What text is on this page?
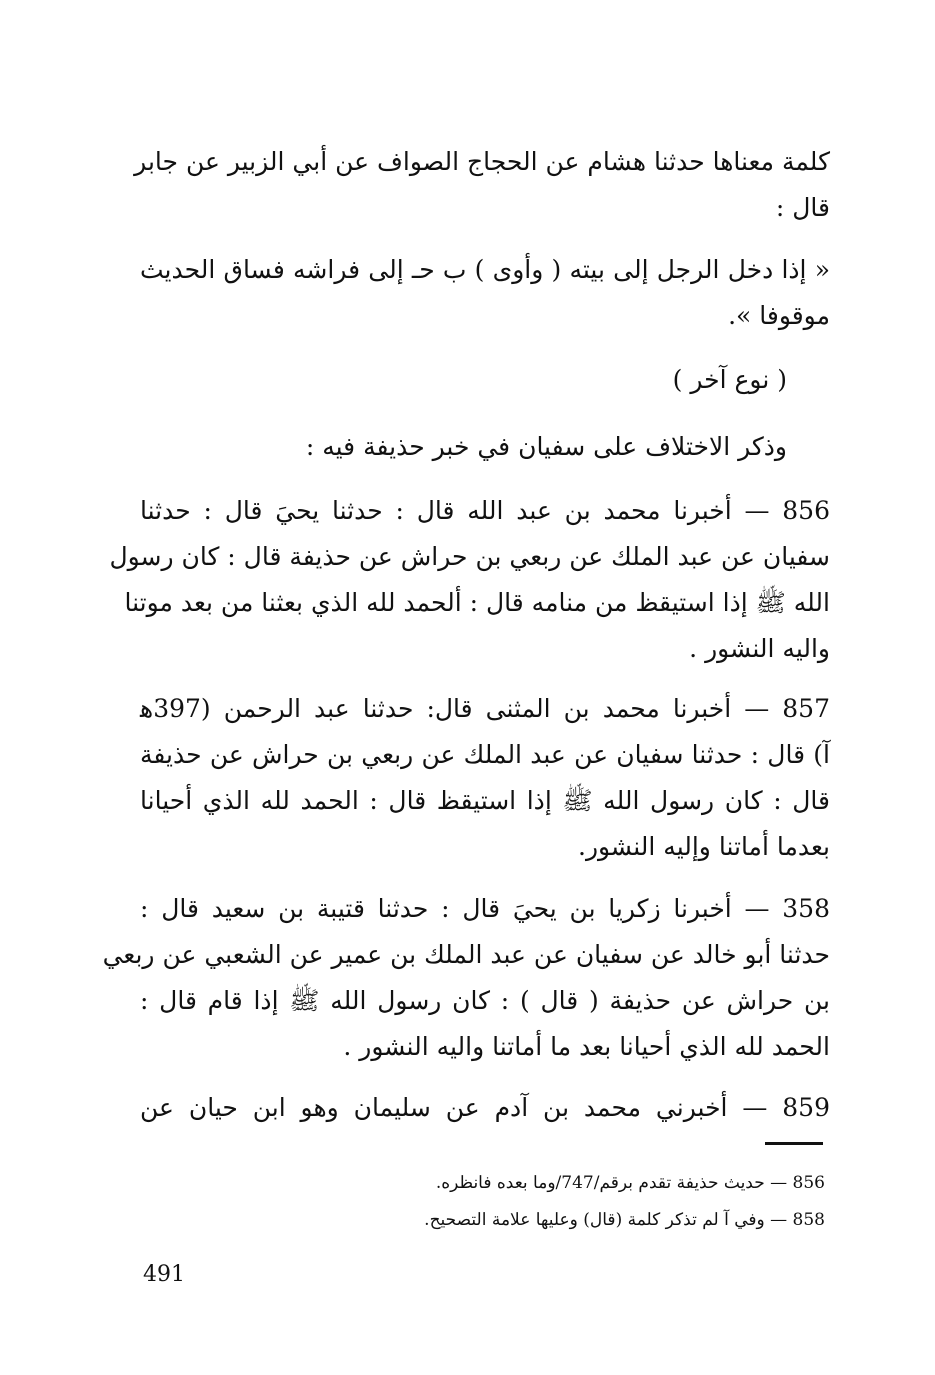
كلمة معناها حدثنا هشام عن الحجاج الصواف عن أبي الزبير عن جابر
قال :
« إذا دخل الرجل إلى بيته ( وأوى ) ب حـ إلى فراشه فساق الحديث
موقوفا ».
( نوع آخر )
وذكر الاختلاف على سفيان في خبر حذيفة فيه :
856 — أخبرنا محمد بن عبد الله قال : حدثنا يحيَ قال : حدثنا
سفيان عن عبد الملك عن ربعي بن حراش عن حذيفة قال : كان رسول
الله ﷺ إذا استيقظ من منامه قال : ألحمد لله الذي بعثنا من بعد موتنا
واليه النشور .
857 — أخبرنا محمد بن المثنى قال: حدثنا عبد الرحمن (397ﻫ
آ) قال : حدثنا سفيان عن عبد الملك عن ربعي بن حراش عن حذيفة
قال : كان رسول الله ﷺ إذا استيقظ قال : الحمد لله الذي أحيانا
بعدما أماتنا وإليه النشور.
358 — أخبرنا زكريا بن يحيَ قال : حدثنا قتيبة بن سعيد قال :
حدثنا أبو خالد عن سفيان عن عبد الملك بن عمير عن الشعبي عن ربعي
بن حراش عن حذيفة ( قال ) : كان رسول الله ﷺ إذا قام قال :
الحمد لله الذي أحيانا بعد ما أماتنا واليه النشور .
859 — أخبرني محمد بن آدم عن سليمان وهو ابن حيان عن
856 — حديث حذيفة تقدم برقم/747/وما بعده فانظره.
858 — وفي آ لم تذكر كلمة (قال) وعليها علامة التصحيح.
491
